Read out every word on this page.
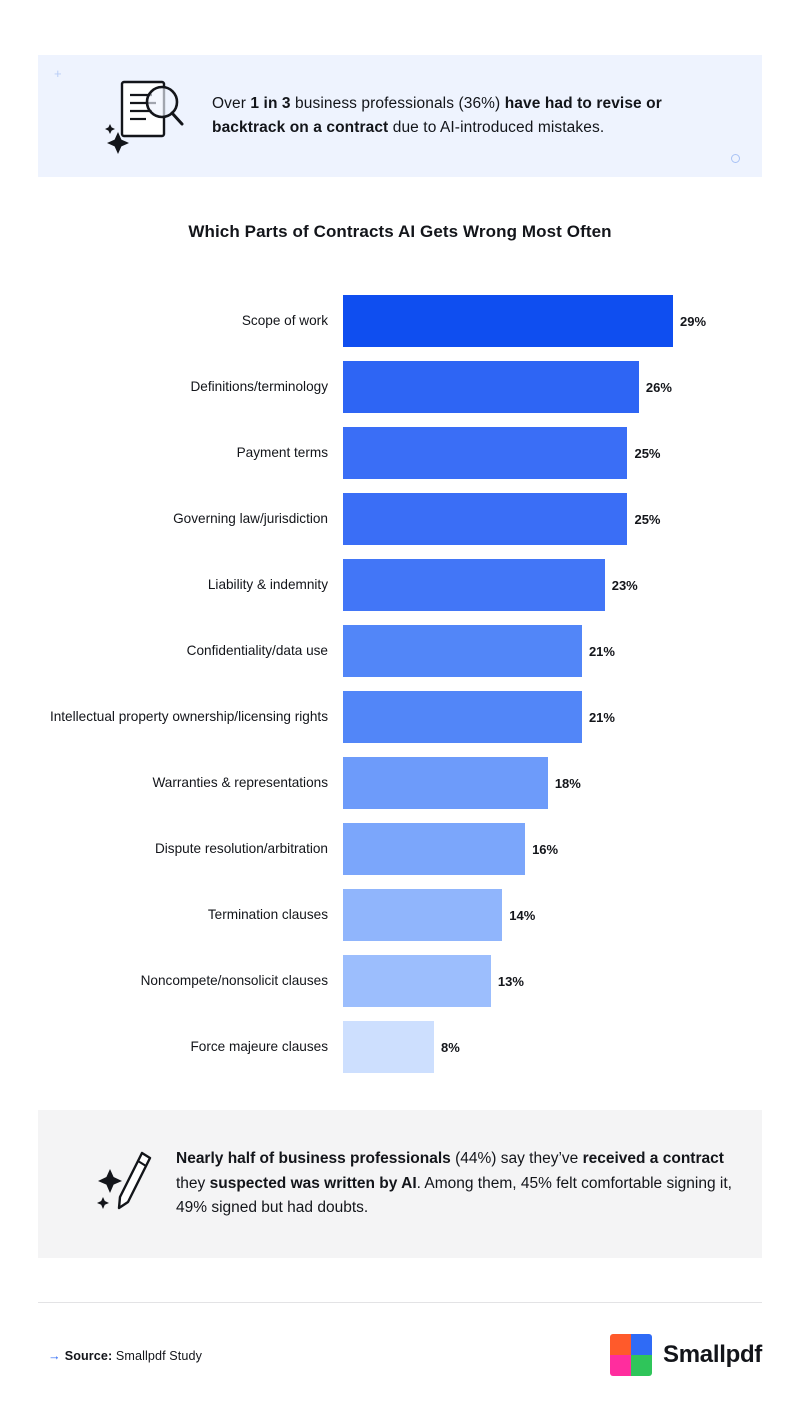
+
Over 1 in 3 business professionals (36%) have had to revise or backtrack on a contract due to AI-introduced mistakes.
Which Parts of Contracts AI Gets Wrong Most Often
Scope of work	29%
Definitions/terminology	26%
Payment terms	25%
Governing law/jurisdiction	25%
Liability & indemnity	23%
Confidentiality/data use	21%
Intellectual property ownership/licensing rights	21%
Warranties & representations	18%
Dispute resolution/arbitration	16%
Termination clauses	14%
Noncompete/nonsolicit clauses	13%
Force majeure clauses	8%
Nearly half of business professionals (44%) say they’ve received a contract they suspected was written by AI. Among them, 45% felt comfortable signing it, 49% signed but had doubts.
→ Source: Smallpdf Study	Smallpdf
